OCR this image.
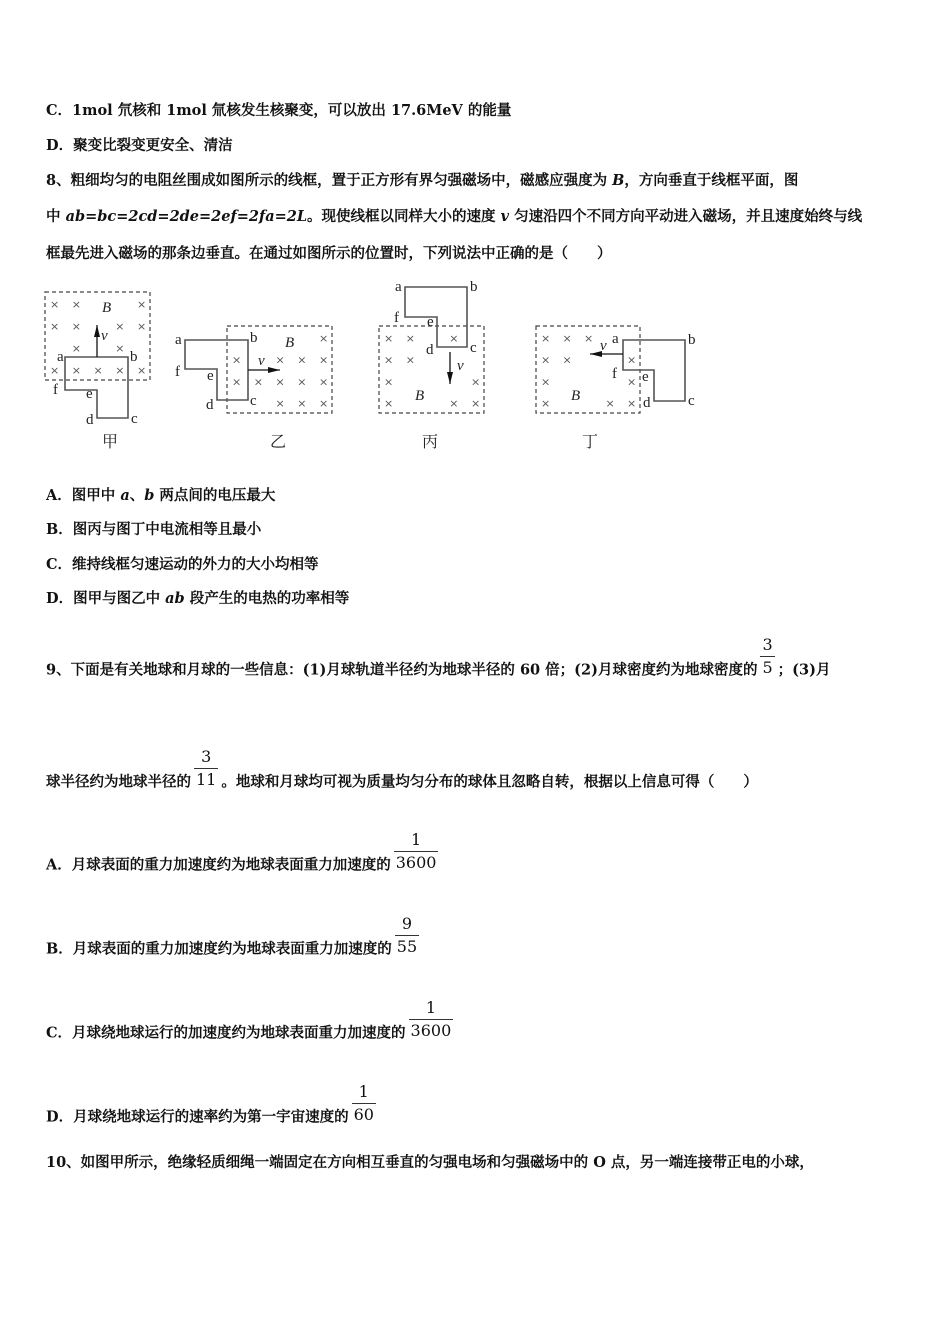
C．1mol 氘核和 1mol 氚核发生核聚变，可以放出 17.6MeV 的能量
D．聚变比裂变更安全、清洁
8、粗细均匀的电阻丝围成如图所示的线框，置于正方形有界匀强磁场中，磁感应强度为 B，方向垂直于线框平面，图
中 ab=bc=2cd=2de=2ef=2fa=2L。现使线框以同样大小的速度 v 匀速沿四个不同方向平动进入磁场，并且速度始终与线
框最先进入磁场的那条边垂直。在通过如图所示的位置时，下列说法中正确的是（　　）
× ×	×
× ×	× ×
×	×
× × × × ×
a	b
c
d
e
f
v
B
甲
×
×	× × ×
× × × × ×
× × ×
a	b
c
d
e
f
v
B
乙
× ×	×
× ×
×	×
×	× ×
a	b
c
d
e
f
v
B
丙
× × ×
× ×	×
×	×
×	× ×
a	b
c
d
e
f
v
B
丁
A．图甲中 a、b 两点间的电压最大
B．图丙与图丁中电流相等且最小
C．维持线框匀速运动的外力的大小均相等
D．图甲与图乙中 ab 段产生的电热的功率相等
9、下面是有关地球和月球的一些信息：(1)月球轨道半径约为地球半径的 60 倍；(2)月球密度约为地球密度的 $\frac{3}{5}$ ；(3)月
球半径约为地球半径的 $\frac{3}{11}$ 。地球和月球均可视为质量均匀分布的球体且忽略自转，根据以上信息可得（　　）
A．月球表面的重力加速度约为地球表面重力加速度的 $\frac{1}{3600}$
B．月球表面的重力加速度约为地球表面重力加速度的 $\frac{9}{55}$
C．月球绕地球运行的加速度约为地球表面重力加速度的 $\frac{1}{3600}$
D．月球绕地球运行的速率约为第一宇宙速度的 $\frac{1}{60}$
10、如图甲所示，绝缘轻质细绳一端固定在方向相互垂直的匀强电场和匀强磁场中的 O 点，另一端连接带正电的小球，
